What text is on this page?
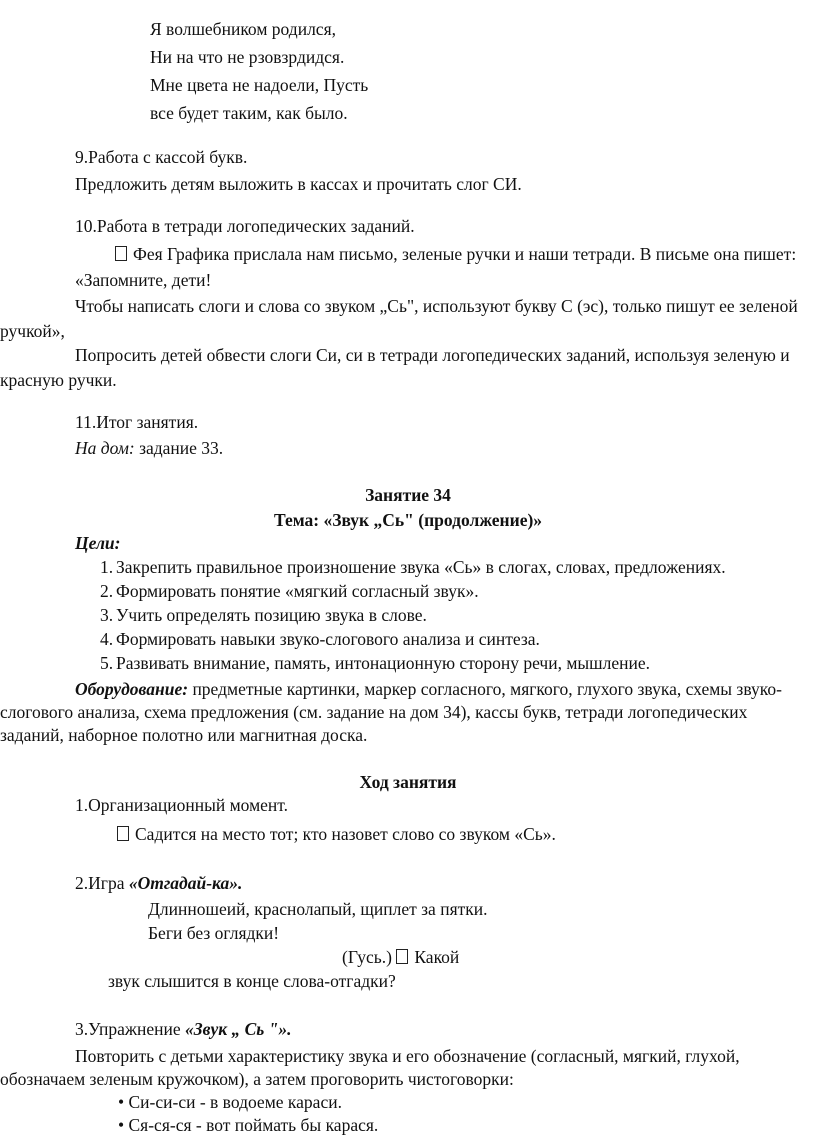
Я волшебником родился,
Ни на что не рзовзрдидся.
Мне цвета не надоели, Пусть
все будет таким, как было.
9.Работа с кассой букв.
Предложить детям выложить в кассах и прочитать слог СИ.
10.Работа в тетради логопедических заданий.
Фея Графика прислала нам письмо, зеленые ручки и наши тетради. В письме она пишет:
«Запомните, дети!
Чтобы написать слоги и слова со звуком „Сь", используют букву С (эс), только пишут ее зеленой
ручкой»,
Попросить детей обвести слоги Си, си в тетради логопедических заданий, используя зеленую и
красную ручки.
11.Итог занятия.
На дом: задание 33.
Занятие 34
Тема: «Звук „Сь" (продолжение)»
Цели:
1. Закрепить правильное произношение звука «Сь» в слогах, словах, предложениях.
2. Формировать понятие «мягкий согласный звук».
3. Учить определять позицию звука в слове.
4. Формировать навыки звуко-слогового анализа и синтеза.
5. Развивать внимание, память, интонационную сторону речи, мышление.
Оборудование: предметные картинки, маркер согласного, мягкого, глухого звука, схемы звуко-
слогового анализа, схема предложения (см. задание на дом 34), кассы букв, тетради логопедических
заданий, наборное полотно или магнитная доска.
Ход занятия
1.Организационный момент.
Садится на место тот; кто назовет слово со звуком «Сь».
2.Игра «Отгадай-ка».
Длинношеий, краснолапый, щиплет за пятки.
Беги без оглядки!
(Гусь.) Какой
звук слышится в конце слова-отгадки?
3.Упражнение «Звук „ Сь "».
Повторить с детьми характеристику звука и его обозначение (согласный, мягкий, глухой,
обозначаем зеленым кружочком), а затем проговорить чистоговорки:
• Си-си-си - в водоеме караси.
• Ся-ся-ся - вот поймать бы карася.
